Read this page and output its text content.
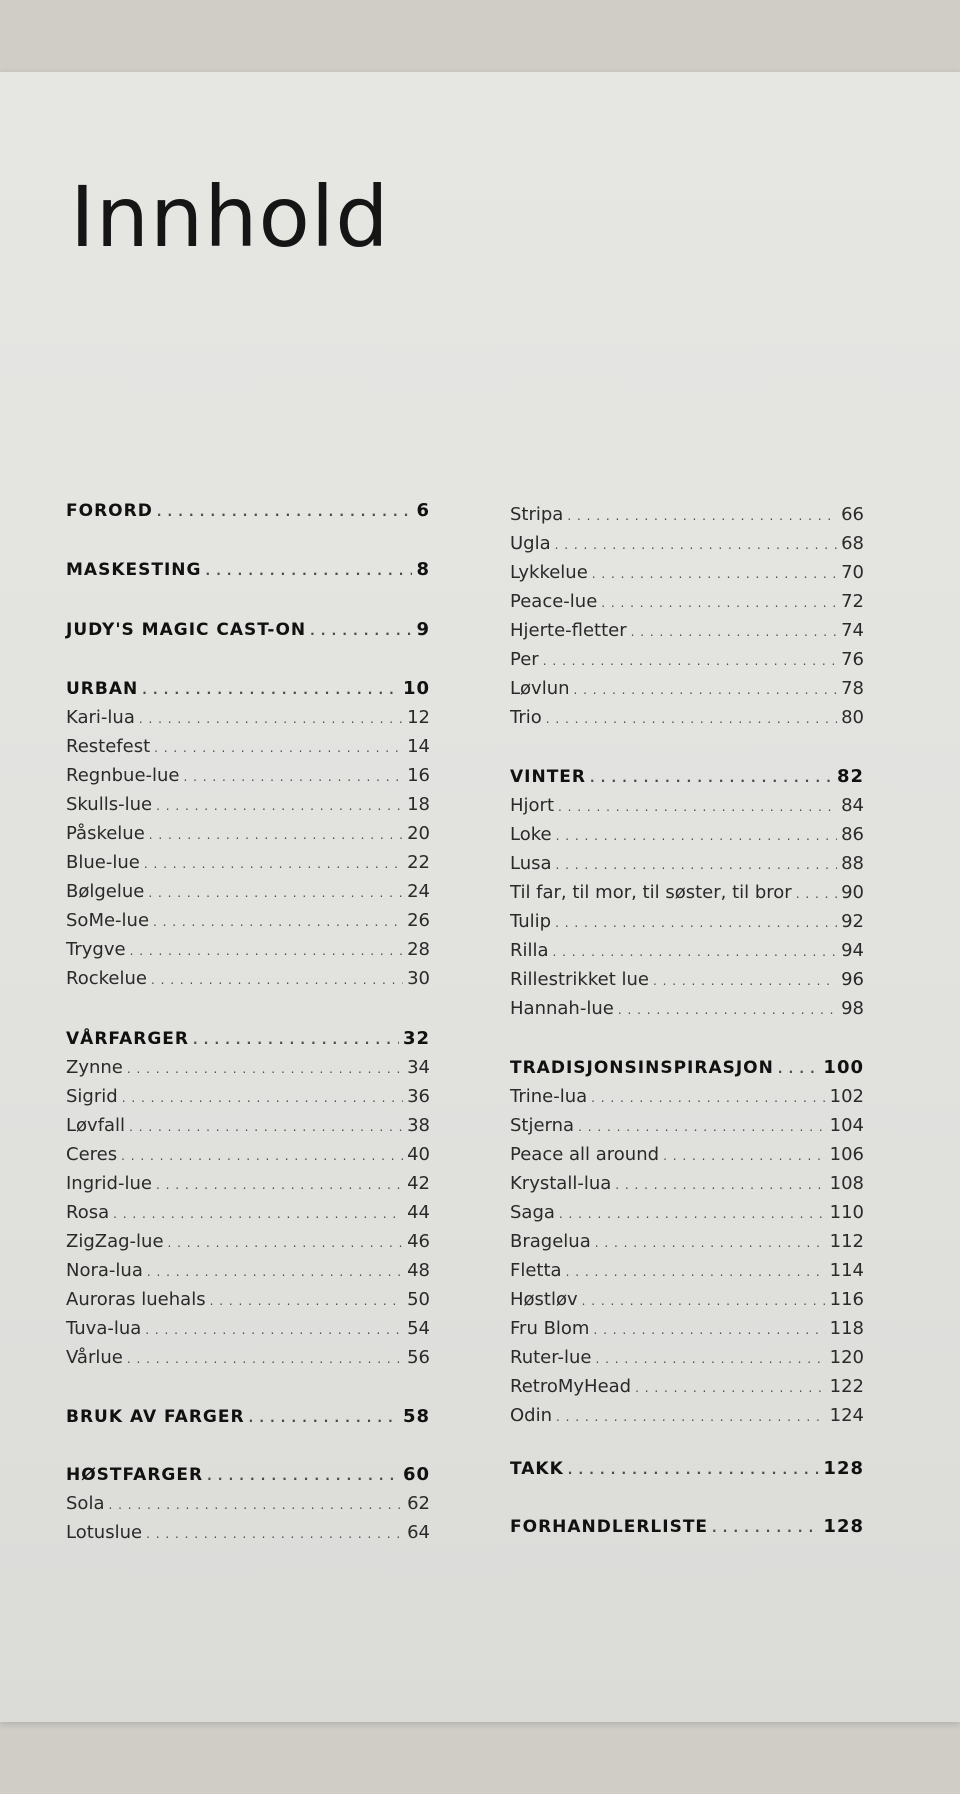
Innhold
FORORD . . .	6
MASKESTING . . .	8
JUDY'S MAGIC CAST-ON . . .	9
URBAN . . .	10
Kari-lua . . .	12
Restefest . . .	14
Regnbue-lue . . .	16
Skulls-lue . . .	18
Påskelue . . .	20
Blue-lue . . .	22
Bølgelue . . .	24
SoMe-lue . . .	26
Trygve . . .	28
Rockelue . . .	30
VÅRFARGER . . .	32
Zynne . . .	34
Sigrid . . .	36
Løvfall . . .	38
Ceres . . .	40
Ingrid-lue . . .	42
Rosa . . .	44
ZigZag-lue . . .	46
Nora-lua . . .	48
Auroras luehals . . .	50
Tuva-lua . . .	54
Vårlue . . .	56
BRUK AV FARGER . . .	58
HØSTFARGER . . .	60
Sola . . .	62
Lotuslue . . .	64
Stripa . . .	66
Ugla . . .	68
Lykkelue . . .	70
Peace-lue . . .	72
Hjerte-fletter . . .	74
Per . . .	76
Løvlun . . .	78
Trio . . .	80
VINTER . . .	82
Hjort . . .	84
Loke . . .	86
Lusa . . .	88
Til far, til mor, til søster, til bror . . .	90
Tulip . . .	92
Rilla . . .	94
Rillestrikket lue . . .	96
Hannah-lue . . .	98
TRADISJONSINSPIRASJON . . .	100
Trine-lua . . .	102
Stjerna . . .	104
Peace all around . . .	106
Krystall-lua . . .	108
Saga . . .	110
Bragelua . . .	112
Fletta . . .	114
Høstløv . . .	116
Fru Blom . . .	118
Ruter-lue . . .	120
RetroMyHead . . .	122
Odin . . .	124
TAKK . . .	128
FORHANDLERLISTE . . .	128
